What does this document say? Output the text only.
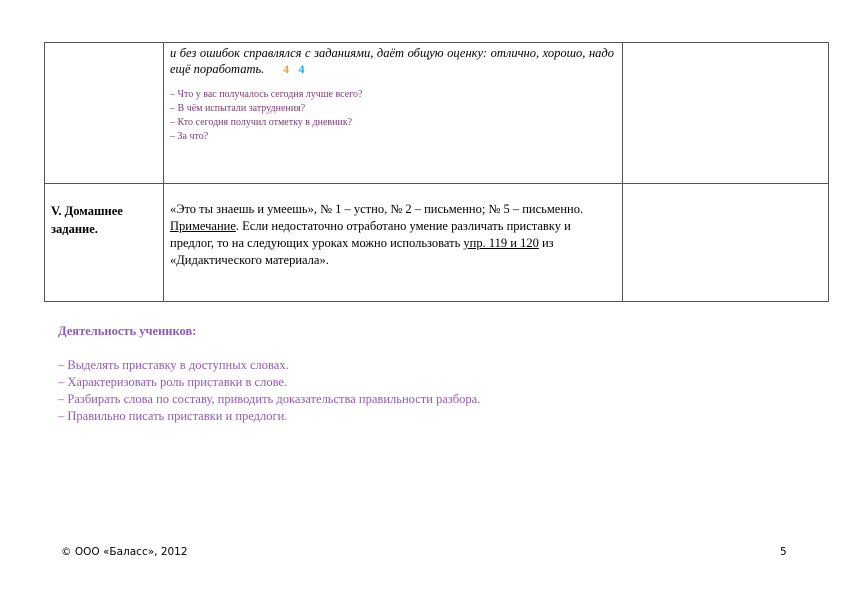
	и без ошибок справлялся с заданиями, даёт общую оценку: отлично, хорошо, надо ещё поработать. 4 4
– Что у вас получалось сегодня лучше всего?
– В чём испытали затруднения?
– Кто сегодня получил отметку в дневник?
– За что?	

V. Домашнее задание.	«Это ты знаешь и умеешь», № 1 – устно, № 2 – письменно; № 5 – письменно.

Примечание. Если недостаточно отработано умение различать приставку и предлог, то на следующих уроках можно использовать упр. 119 и 120 из «Дидактического материала».	

Деятельность учеников:
– Выделять приставку в доступных словах.
– Характеризовать роль приставки в слове.
– Разбирать слова по составу, приводить доказательства правильности разбора.
– Правильно писать приставки и предлоги.
© ООО «Баласс», 2012	5
